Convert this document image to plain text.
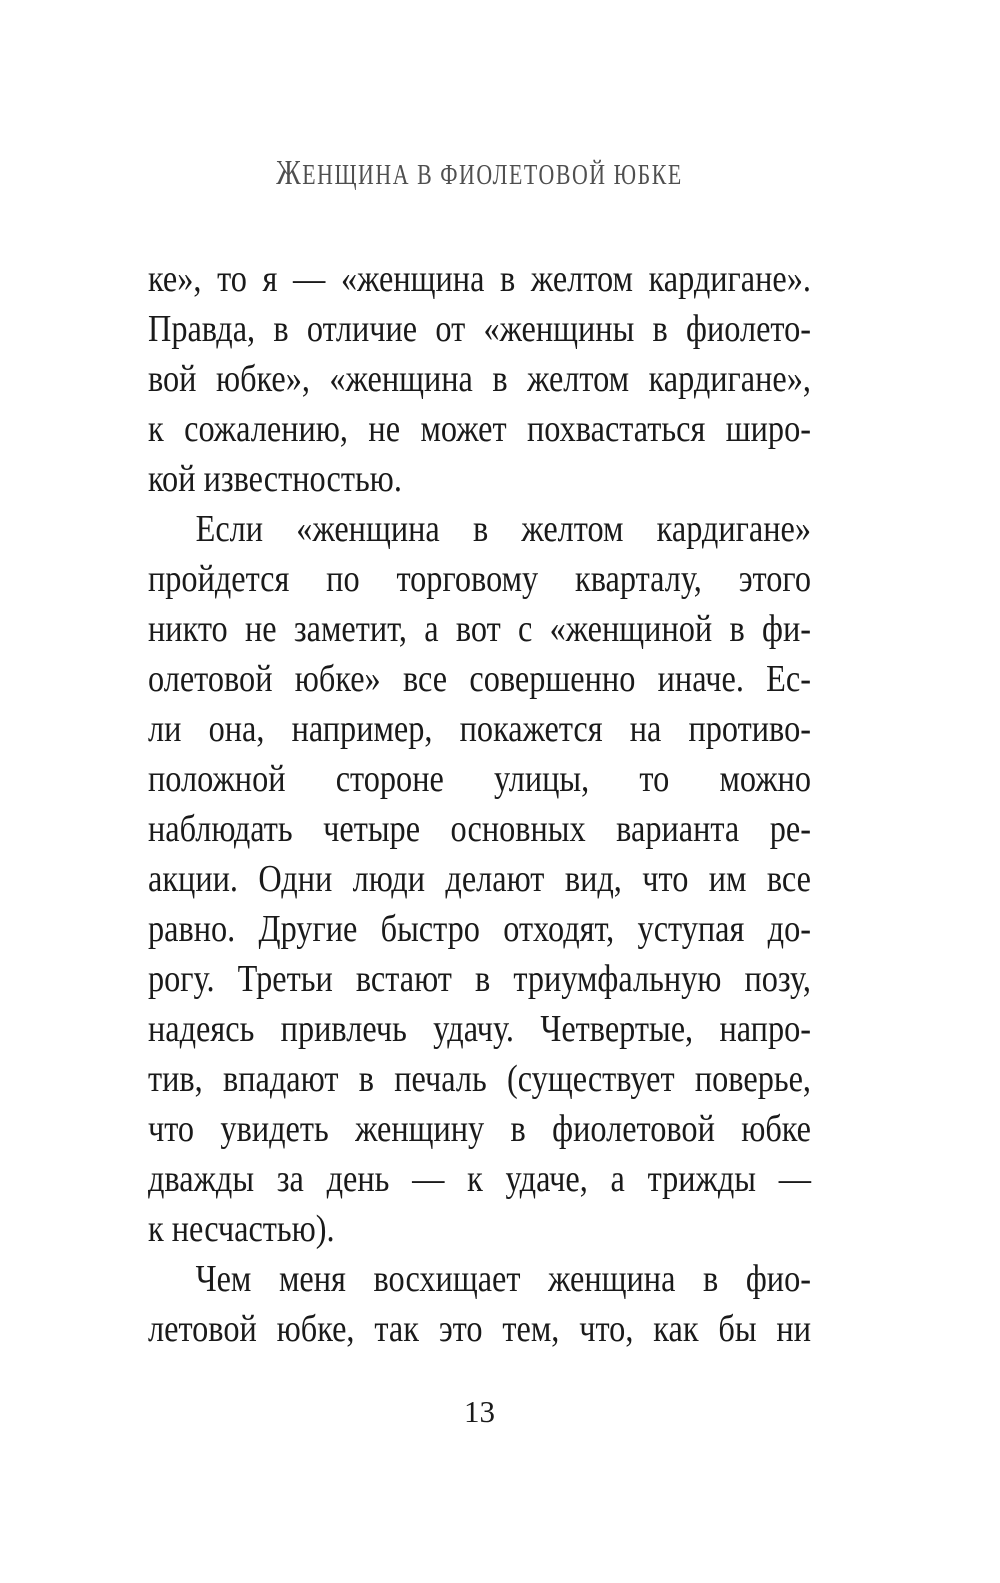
ЖЕНЩИНА В ФИОЛЕТОВОЙ ЮБКЕ
ке», то я — «женщина в желтом кардигане».
Правда, в отличие от «женщины в фиолето-
вой юбке», «женщина в желтом кардигане»,
к сожалению, не может похвастаться широ-
кой известностью.
Если «женщина в желтом кардигане»
пройдется по торговому кварталу, этого
никто не заметит, а вот с «женщиной в фи-
олетовой юбке» все совершенно иначе. Ес-
ли она, например, покажется на противо-
положной стороне улицы, то можно
наблюдать четыре основных варианта ре-
акции. Одни люди делают вид, что им все
равно. Другие быстро отходят, уступая до-
рогу. Третьи встают в триумфальную позу,
надеясь привлечь удачу. Четвертые, напро-
тив, впадают в печаль (существует поверье,
что увидеть женщину в фиолетовой юбке
дважды за день — к удаче, а трижды —
к несчастью).
Чем меня восхищает женщина в фио-
летовой юбке, так это тем, что, как бы ни
13
